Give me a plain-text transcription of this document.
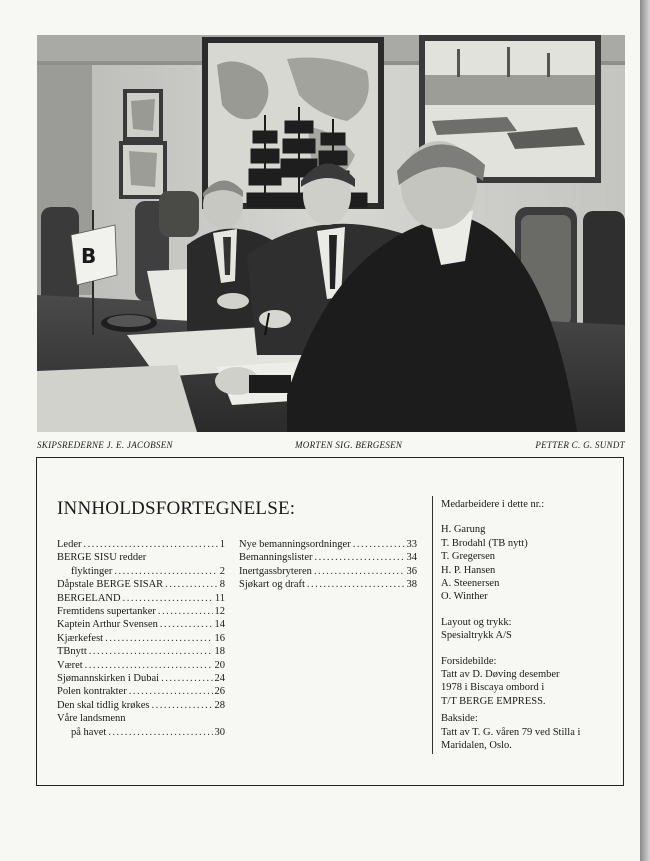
B
SKIPSREDERNE J. E. JACOBSEN	MORTEN SIG. BERGESEN	PETTER C. G. SUNDT
INNHOLDSFORTEGNELSE:
Leder .....	1
BERGE SISU redder
flyktinger .....	2
Dåpstale BERGE SISAR .....	8
BERGELAND .....	11
Fremtidens supertanker .....	12
Kaptein Arthur Svensen .....	14
Kjærkefest .....	16
TBnytt .....	18
Været .....	20
Sjømannskirken i Dubai .....	24
Polen kontrakter .....	26
Den skal tidlig krøkes .....	28
Våre landsmenn
på havet .....	30
Nye bemanningsordninger .....	33
Bemanningslister .....	34
Inertgassbryteren .....	36
Sjøkart og draft .....	38
Medarbeidere i dette nr.:
H. Garung
T. Brodahl (TB nytt)
T. Gregersen
H. P. Hansen
A. Steenersen
O. Winther
Layout og trykk:
Spesialtrykk A/S
Forsidebilde:
Tatt av D. Døving desember
1978 i Biscaya ombord i
T/T BERGE EMPRESS.
Bakside:
Tatt av T. G. våren 79 ved Stilla i
Maridalen, Oslo.
